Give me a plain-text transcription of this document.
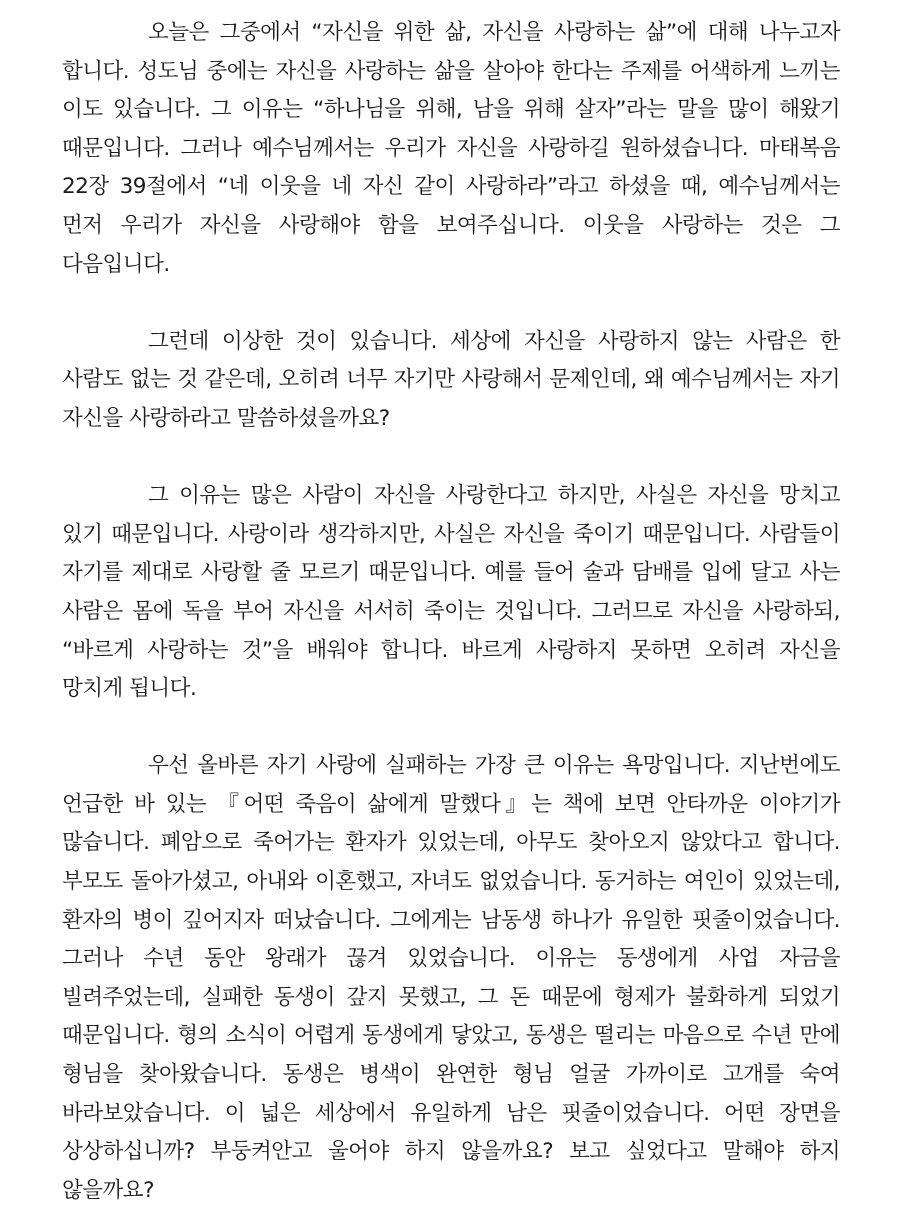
오늘은 그중에서 “자신을 위한 삶, 자신을 사랑하는 삶”에 대해 나누고자 합니다. 성도님 중에는 자신을 사랑하는 삶을 살아야 한다는 주제를 어색하게 느끼는 이도 있습니다. 그 이유는 “하나님을 위해, 남을 위해 살자”라는 말을 많이 해왔기 때문입니다. 그러나 예수님께서는 우리가 자신을 사랑하길 원하셨습니다. 마태복음 22장 39절에서 “네 이웃을 네 자신 같이 사랑하라”라고 하셨을 때, 예수님께서는 먼저 우리가 자신을 사랑해야 함을 보여주십니다. 이웃을 사랑하는 것은 그 다음입니다.

그런데 이상한 것이 있습니다. 세상에 자신을 사랑하지 않는 사람은 한 사람도 없는 것 같은데, 오히려 너무 자기만 사랑해서 문제인데, 왜 예수님께서는 자기 자신을 사랑하라고 말씀하셨을까요?

그 이유는 많은 사람이 자신을 사랑한다고 하지만, 사실은 자신을 망치고 있기 때문입니다. 사랑이라 생각하지만, 사실은 자신을 죽이기 때문입니다. 사람들이 자기를 제대로 사랑할 줄 모르기 때문입니다. 예를 들어 술과 담배를 입에 달고 사는 사람은 몸에 독을 부어 자신을 서서히 죽이는 것입니다. 그러므로 자신을 사랑하되, “바르게 사랑하는 것”을 배워야 합니다. 바르게 사랑하지 못하면 오히려 자신을 망치게 됩니다.

우선 올바른 자기 사랑에 실패하는 가장 큰 이유는 욕망입니다. 지난번에도 언급한 바 있는 『어떤 죽음이 삶에게 말했다』는 책에 보면 안타까운 이야기가 많습니다. 폐암으로 죽어가는 환자가 있었는데, 아무도 찾아오지 않았다고 합니다. 부모도 돌아가셨고, 아내와 이혼했고, 자녀도 없었습니다. 동거하는 여인이 있었는데, 환자의 병이 깊어지자 떠났습니다. 그에게는 남동생 하나가 유일한 핏줄이었습니다. 그러나 수년 동안 왕래가 끊겨 있었습니다. 이유는 동생에게 사업 자금을 빌려주었는데, 실패한 동생이 갚지 못했고, 그 돈 때문에 형제가 불화하게 되었기 때문입니다. 형의 소식이 어렵게 동생에게 닿았고, 동생은 떨리는 마음으로 수년 만에 형님을 찾아왔습니다. 동생은 병색이 완연한 형님 얼굴 가까이로 고개를 숙여 바라보았습니다. 이 넓은 세상에서 유일하게 남은 핏줄이었습니다. 어떤 장면을 상상하십니까? 부둥켜안고 울어야 하지 않을까요? 보고 싶었다고 말해야 하지 않을까요?
